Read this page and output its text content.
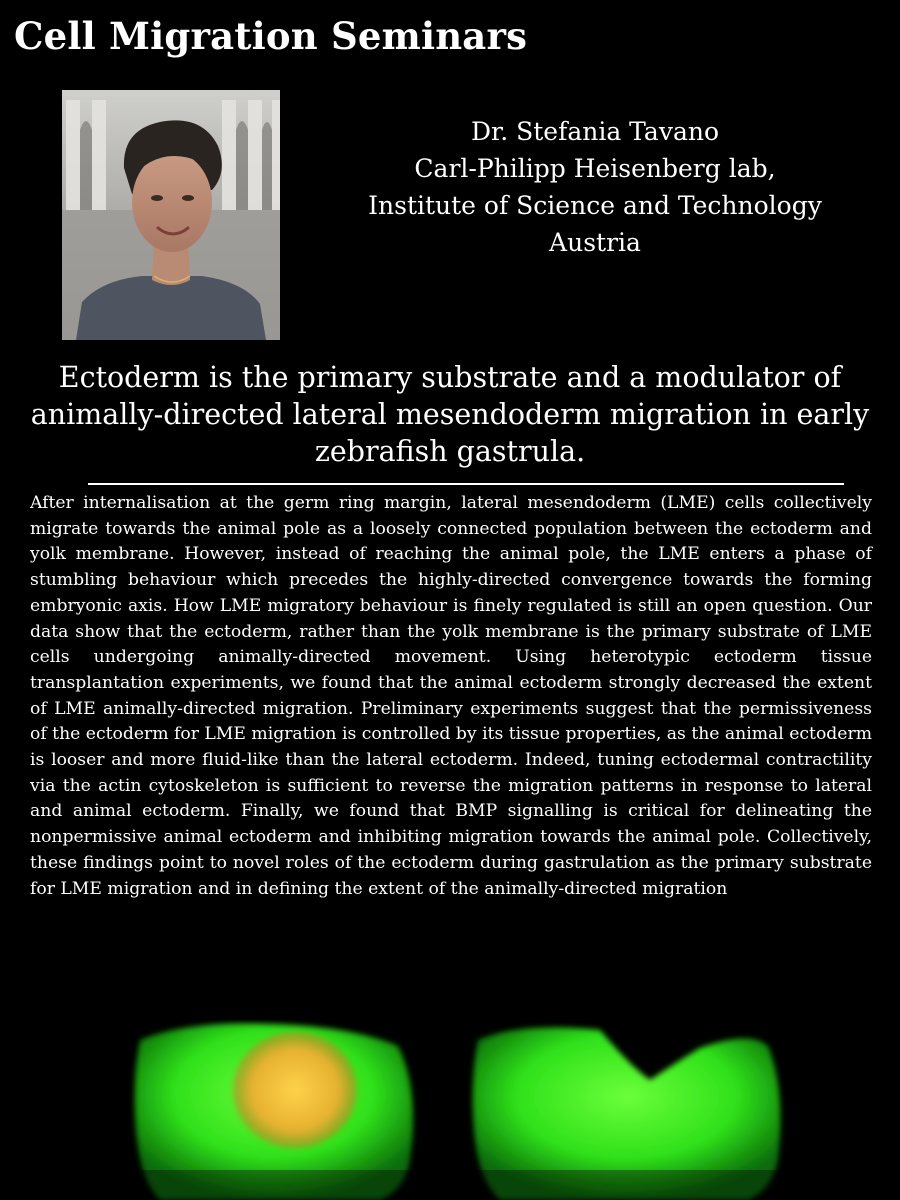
Cell Migration Seminars
Dr. Stefania Tavano
Carl-Philipp Heisenberg lab,
Institute of Science and Technology
Austria
Ectoderm is the primary substrate and a modulator of animally-directed lateral mesendoderm migration in early zebrafish gastrula.

After internalisation at the germ ring margin, lateral mesendoderm (LME) cells collectively migrate towards the animal pole as a loosely connected population between the ectoderm and yolk membrane. However, instead of reaching the animal pole, the LME enters a phase of stumbling behaviour which precedes the highly-directed convergence towards the forming embryonic axis. How LME migratory behaviour is finely regulated is still an open question. Our data show that the ectoderm, rather than the yolk membrane is the primary substrate of LME cells undergoing animally-directed movement. Using heterotypic ectoderm tissue transplantation experiments, we found that the animal ectoderm strongly decreased the extent of LME animally-directed migration. Preliminary experiments suggest that the permissiveness of the ectoderm for LME migration is controlled by its tissue properties, as the animal ectoderm is looser and more fluid-like than the lateral ectoderm. Indeed, tuning ectodermal contractility via the actin cytoskeleton is sufficient to reverse the migration patterns in response to lateral and animal ectoderm. Finally, we found that BMP signalling is critical for delineating the nonpermissive animal ectoderm and inhibiting migration towards the animal pole. Collectively, these findings point to novel roles of the ectoderm during gastrulation as the primary substrate for LME migration and in defining the extent of the animally-directed migration
